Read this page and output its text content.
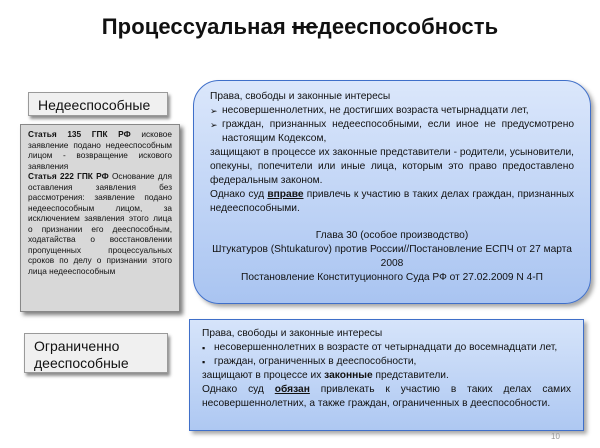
Процессуальная недееспособность
Недееспособные

Статья 135 ГПК РФ исковое заявление подано недееспособным лицом - возвращение искового заявления

Статья 222 ГПК РФ Основание для оставления заявления без рассмотрения: заявление подано недееспособным лицом, за исключением заявления этого лица о признании его дееспособным, ходатайства о восстановлении пропущенных процессуальных сроков по делу о признании этого лица недееспособным

Права, свободы и законные интересы
➢ несовершеннолетних, не достигших возраста четырнадцати лет,
➢ граждан, признанных недееспособными, если иное не предусмотрено настоящим Кодексом,
защищают в процессе их законные представители - родители, усыновители, опекуны, попечители или иные лица, которым это право предоставлено федеральным законом.
Однако суд вправе привлечь к участию в таких делах граждан, признанных недееспособными.
Глава 30 (особое производство)
Штукатуров (Shtukaturov) против России//Постановление ЕСПЧ от 27 марта 2008
Постановление Конституционного Суда РФ от 27.02.2009 N 4-П
Ограниченно дееспособные
Права, свободы и законные интересы
▪ несовершеннолетних в возрасте от четырнадцати до восемнадцати лет,
▪ граждан, ограниченных в дееспособности,
защищают в процессе их законные представители.
Однако суд обязан привлекать к участию в таких делах самих несовершеннолетних, а также граждан, ограниченных в дееспособности.
10
